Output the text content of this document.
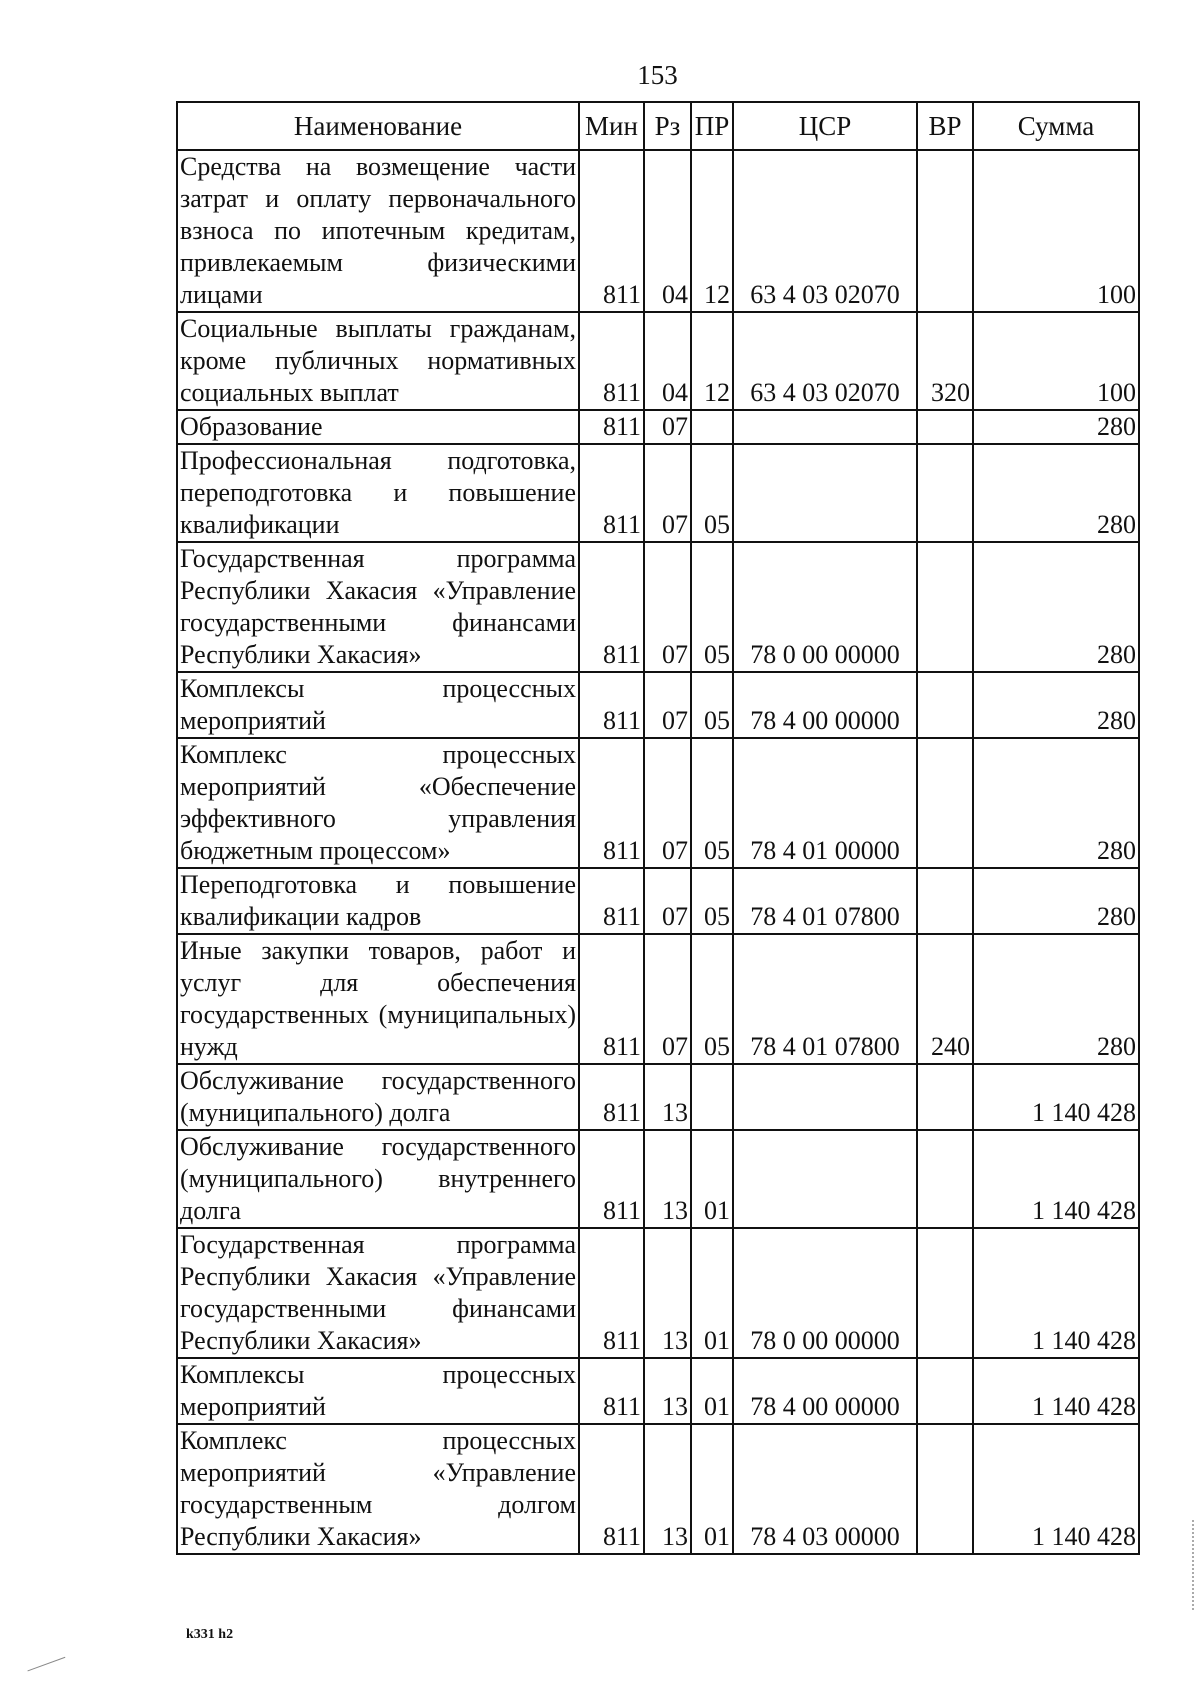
153
Наименование	Мин	Рз	ПР	ЦСР	ВР	Сумма
Средства на возмещение части затрат и оплату первоначального взноса по ипотечным кредитам, привлекаемым физическими лицами	811	04	12	63 4 03 02070		100
Социальные выплаты гражданам, кроме публичных нормативных социальных выплат	811	04	12	63 4 03 02070	320	100
Образование	811	07				280
Профессиональная подготовка, переподготовка и повышение квалификации	811	07	05			280
Государственная программа Республики Хакасия «Управление государственными финансами Республики Хакасия»	811	07	05	78 0 00 00000		280
Комплексы процессных мероприятий	811	07	05	78 4 00 00000		280
Комплекс процессных мероприятий «Обеспечение эффективного управления бюджетным процессом»	811	07	05	78 4 01 00000		280
Переподготовка и повышение квалификации кадров	811	07	05	78 4 01 07800		280
Иные закупки товаров, работ и услуг для обеспечения государственных (муниципальных) нужд	811	07	05	78 4 01 07800	240	280
Обслуживание государственного (муниципального) долга	811	13				1 140 428
Обслуживание государственного (муниципального) внутреннего долга	811	13	01			1 140 428
Государственная программа Республики Хакасия «Управление государственными финансами Республики Хакасия»	811	13	01	78 0 00 00000		1 140 428
Комплексы процессных мероприятий	811	13	01	78 4 00 00000		1 140 428
Комплекс процессных мероприятий «Управление государственным долгом Республики Хакасия»	811	13	01	78 4 03 00000		1 140 428
k331 h2
